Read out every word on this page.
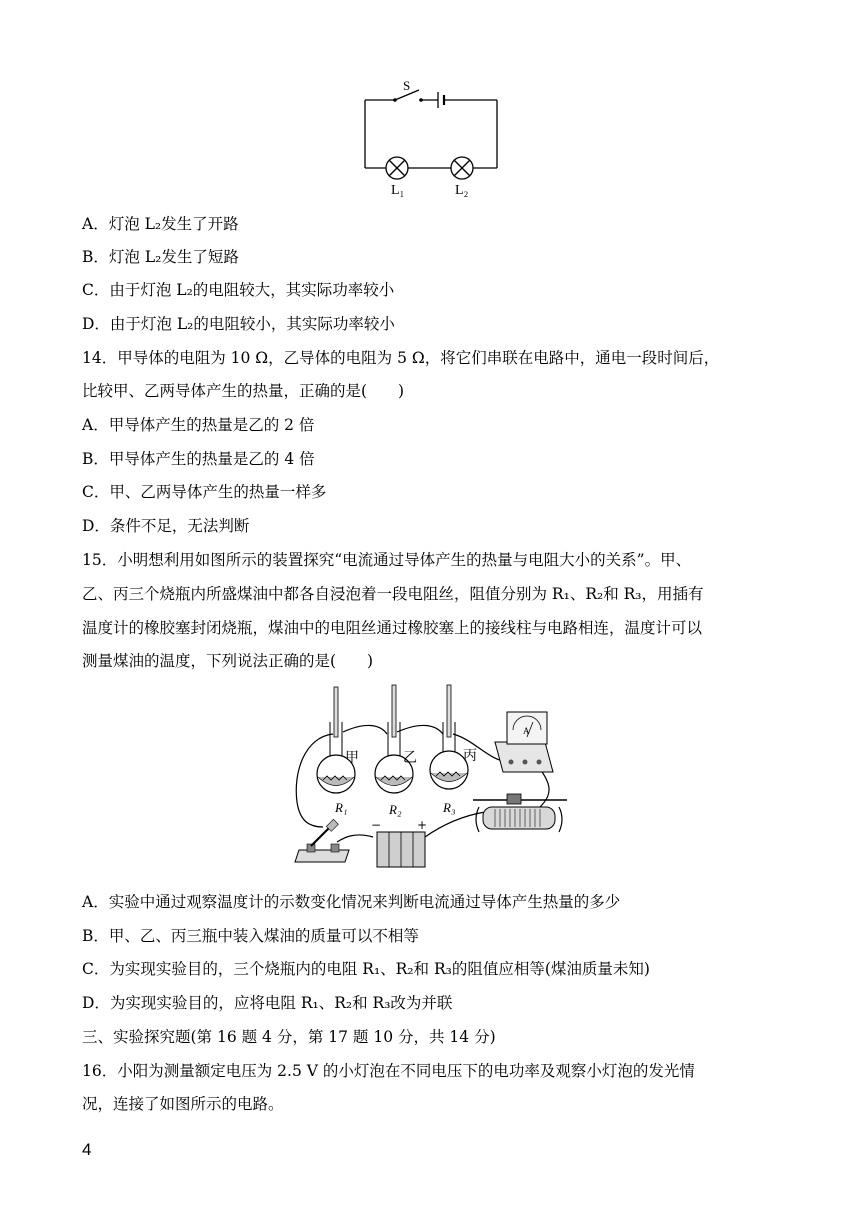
S
L₁	L₂
A．灯泡 L₂发生了开路
B．灯泡 L₂发生了短路
C．由于灯泡 L₂的电阻较大，其实际功率较小
D．由于灯泡 L₂的电阻较小，其实际功率较小
14．甲导体的电阻为 10 Ω，乙导体的电阻为 5 Ω，将它们串联在电路中，通电一段时间后，
比较甲、乙两导体产生的热量，正确的是(　　)
A．甲导体产生的热量是乙的 2 倍
B．甲导体产生的热量是乙的 4 倍
C．甲、乙两导体产生的热量一样多
D．条件不足，无法判断
15．小明想利用如图所示的装置探究“电流通过导体产生的热量与电阻大小的关系”。甲、
乙、丙三个烧瓶内所盛煤油中都各自浸泡着一段电阻丝，阻值分别为 R₁、R₂和 R₃，用插有
温度计的橡胶塞封闭烧瓶，煤油中的电阻丝通过橡胶塞上的接线柱与电路相连，温度计可以
测量煤油的温度，下列说法正确的是(　　)
甲	乙	丙
R₁	R₂	R₃
A
−	+
A．实验中通过观察温度计的示数变化情况来判断电流通过导体产生热量的多少
B．甲、乙、丙三瓶中装入煤油的质量可以不相等
C．为实现实验目的，三个烧瓶内的电阻 R₁、R₂和 R₃的阻值应相等(煤油质量未知)
D．为实现实验目的，应将电阻 R₁、R₂和 R₃改为并联
三、实验探究题(第 16 题 4 分，第 17 题 10 分，共 14 分)
16．小阳为测量额定电压为 2.5 V 的小灯泡在不同电压下的电功率及观察小灯泡的发光情
况，连接了如图所示的电路。
4
